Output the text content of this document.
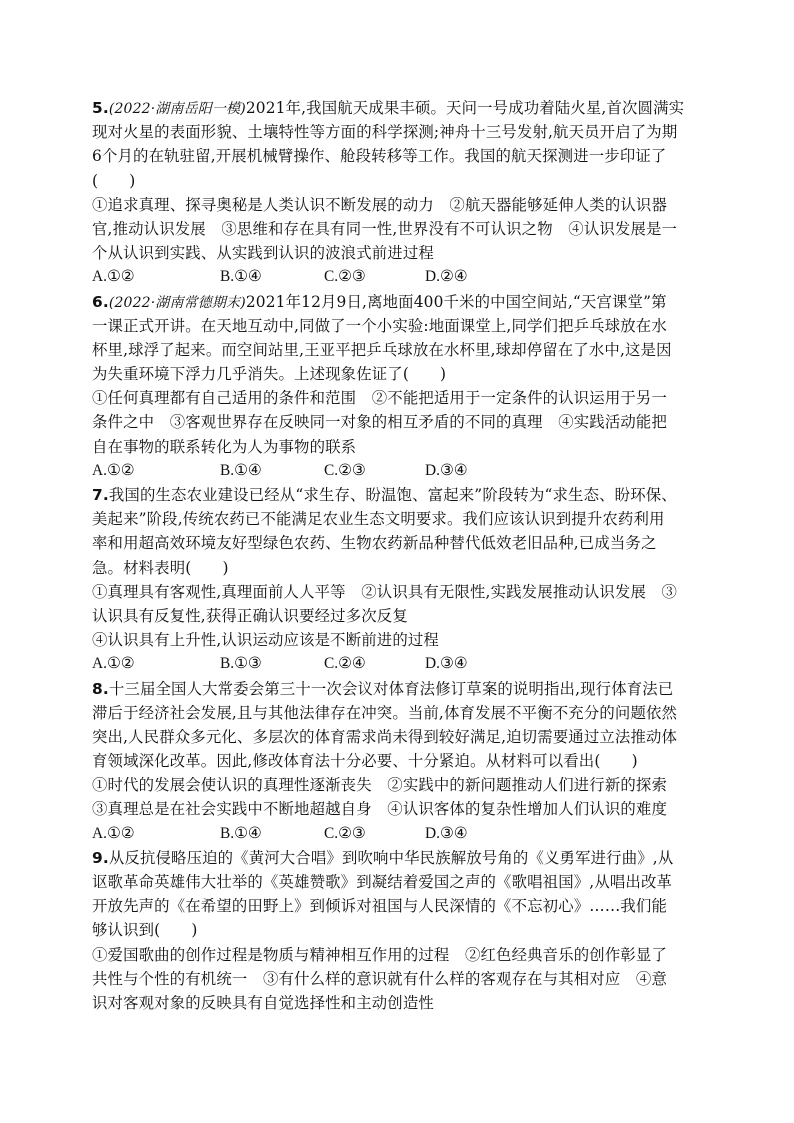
5.(2022·湖南岳阳一模)2021年,我国航天成果丰硕。天问一号成功着陆火星,首次圆满实
现对火星的表面形貌、土壤特性等方面的科学探测;神舟十三号发射,航天员开启了为期
6个月的在轨驻留,开展机械臂操作、舱段转移等工作。我国的航天探测进一步印证了
(　　)
①追求真理、探寻奥秘是人类认识不断发展的动力　②航天器能够延伸人类的认识器
官,推动认识发展　③思维和存在具有同一性,世界没有不可认识之物　④认识发展是一
个从认识到实践、从实践到认识的波浪式前进过程
A.①②	B.①④	C.②③	D.②④
6.(2022·湖南常德期末)2021年12月9日,离地面400千米的中国空间站,“天宫课堂”第
一课正式开讲。在天地互动中,同做了一个小实验:地面课堂上,同学们把乒乓球放在水
杯里,球浮了起来。而空间站里,王亚平把乒乓球放在水杯里,球却停留在了水中,这是因
为失重环境下浮力几乎消失。上述现象佐证了(　　)
①任何真理都有自己适用的条件和范围　②不能把适用于一定条件的认识运用于另一
条件之中　③客观世界存在反映同一对象的相互矛盾的不同的真理　④实践活动能把
自在事物的联系转化为人为事物的联系
A.①②	B.①④	C.②③	D.③④
7.我国的生态农业建设已经从“求生存、盼温饱、富起来”阶段转为“求生态、盼环保、
美起来”阶段,传统农药已不能满足农业生态文明要求。我们应该认识到提升农药利用
率和用超高效环境友好型绿色农药、生物农药新品种替代低效老旧品种,已成当务之
急。材料表明(　　)
①真理具有客观性,真理面前人人平等　②认识具有无限性,实践发展推动认识发展　③
认识具有反复性,获得正确认识要经过多次反复
④认识具有上升性,认识运动应该是不断前进的过程
A.①②	B.①③	C.②④	D.③④
8.十三届全国人大常委会第三十一次会议对体育法修订草案的说明指出,现行体育法已
滞后于经济社会发展,且与其他法律存在冲突。当前,体育发展不平衡不充分的问题依然
突出,人民群众多元化、多层次的体育需求尚未得到较好满足,迫切需要通过立法推动体
育领域深化改革。因此,修改体育法十分必要、十分紧迫。从材料可以看出(　　)
①时代的发展会使认识的真理性逐渐丧失　②实践中的新问题推动人们进行新的探索
③真理总是在社会实践中不断地超越自身　④认识客体的复杂性增加人们认识的难度
A.①②	B.①④	C.②③	D.③④
9.从反抗侵略压迫的《黄河大合唱》到吹响中华民族解放号角的《义勇军进行曲》,从
讴歌革命英雄伟大壮举的《英雄赞歌》到凝结着爱国之声的《歌唱祖国》,从唱出改革
开放先声的《在希望的田野上》到倾诉对祖国与人民深情的《不忘初心》……我们能
够认识到(　　)
①爱国歌曲的创作过程是物质与精神相互作用的过程　②红色经典音乐的创作彰显了
共性与个性的有机统一　③有什么样的意识就有什么样的客观存在与其相对应　④意
识对客观对象的反映具有自觉选择性和主动创造性
